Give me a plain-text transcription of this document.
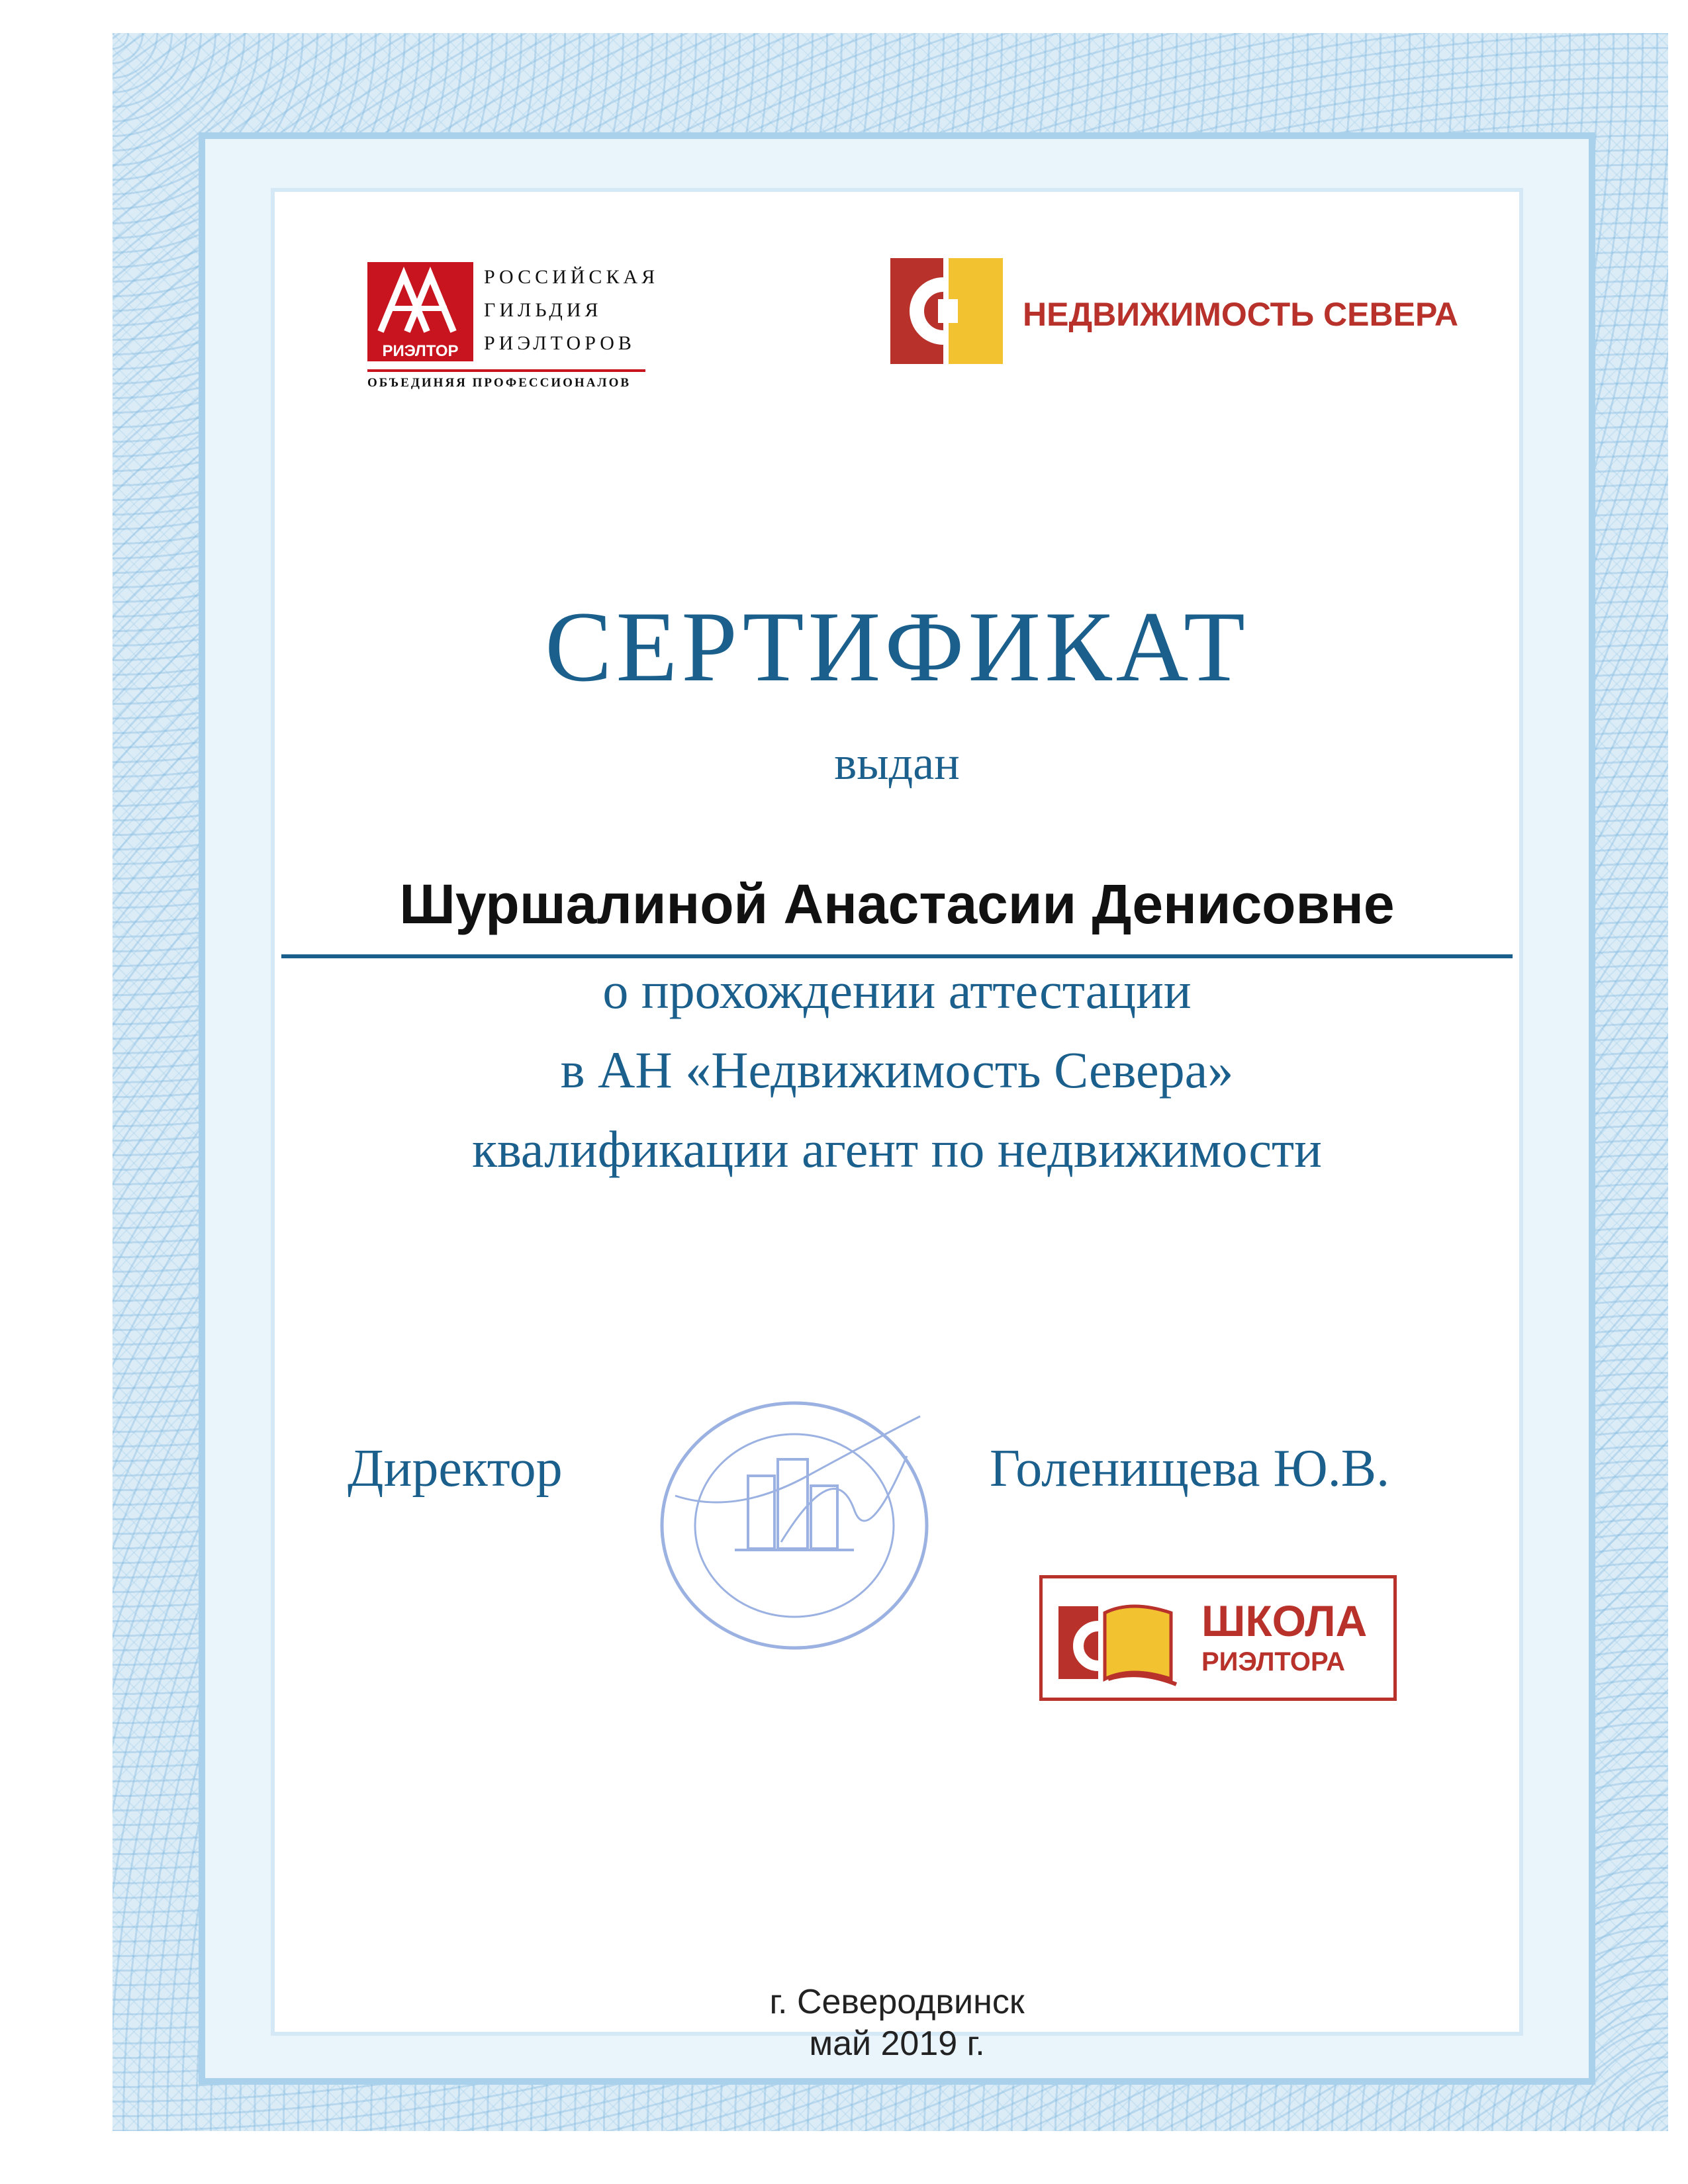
РИЭЛТОР
РОССИЙСКАЯ
ГИЛЬДИЯ
РИЭЛТОРОВ
ОБЪЕДИНЯЯ ПРОФЕССИОНАЛОВ
НЕДВИЖИМОСТЬ СЕВЕРА
СЕРТИФИКАТ
выдан
Шуршалиной Анастасии Денисовне
о прохождении аттестации
в АН «Недвижимость Севера»
квалификации агент по недвижимости
Директор	Голенищева Ю.В.
ШКОЛА
РИЭЛТОРА
г. Северодвинск
май 2019 г.
